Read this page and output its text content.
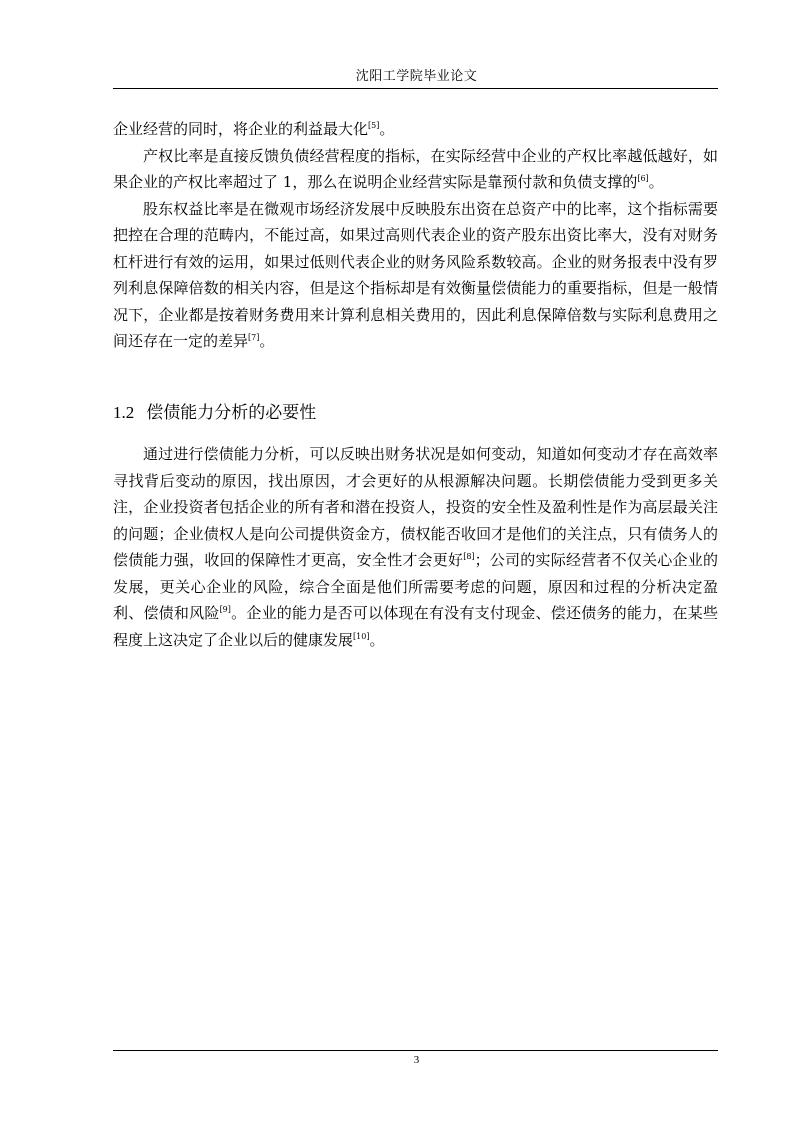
沈阳工学院毕业论文

企业经营的同时，将企业的利益最大化[5]。

产权比率是直接反馈负债经营程度的指标，在实际经营中企业的产权比率越低越好，如果企业的产权比率超过了 1，那么在说明企业经营实际是靠预付款和负债支撑的[6]。

股东权益比率是在微观市场经济发展中反映股东出资在总资产中的比率，这个指标需要把控在合理的范畴内，不能过高，如果过高则代表企业的资产股东出资比率大，没有对财务杠杆进行有效的运用，如果过低则代表企业的财务风险系数较高。企业的财务报表中没有罗列利息保障倍数的相关内容，但是这个指标却是有效衡量偿债能力的重要指标，但是一般情况下，企业都是按着财务费用来计算利息相关费用的，因此利息保障倍数与实际利息费用之间还存在一定的差异[7]。

1.2 偿债能力分析的必要性

通过进行偿债能力分析，可以反映出财务状况是如何变动，知道如何变动才存在高效率寻找背后变动的原因，找出原因，才会更好的从根源解决问题。长期偿债能力受到更多关注，企业投资者包括企业的所有者和潜在投资人，投资的安全性及盈利性是作为高层最关注的问题；企业债权人是向公司提供资金方，债权能否收回才是他们的关注点，只有债务人的偿债能力强，收回的保障性才更高，安全性才会更好[8]；公司的实际经营者不仅关心企业的发展，更关心企业的风险，综合全面是他们所需要考虑的问题，原因和过程的分析决定盈利、偿债和风险[9]。企业的能力是否可以体现在有没有支付现金、偿还债务的能力，在某些程度上这决定了企业以后的健康发展[10]。

3
